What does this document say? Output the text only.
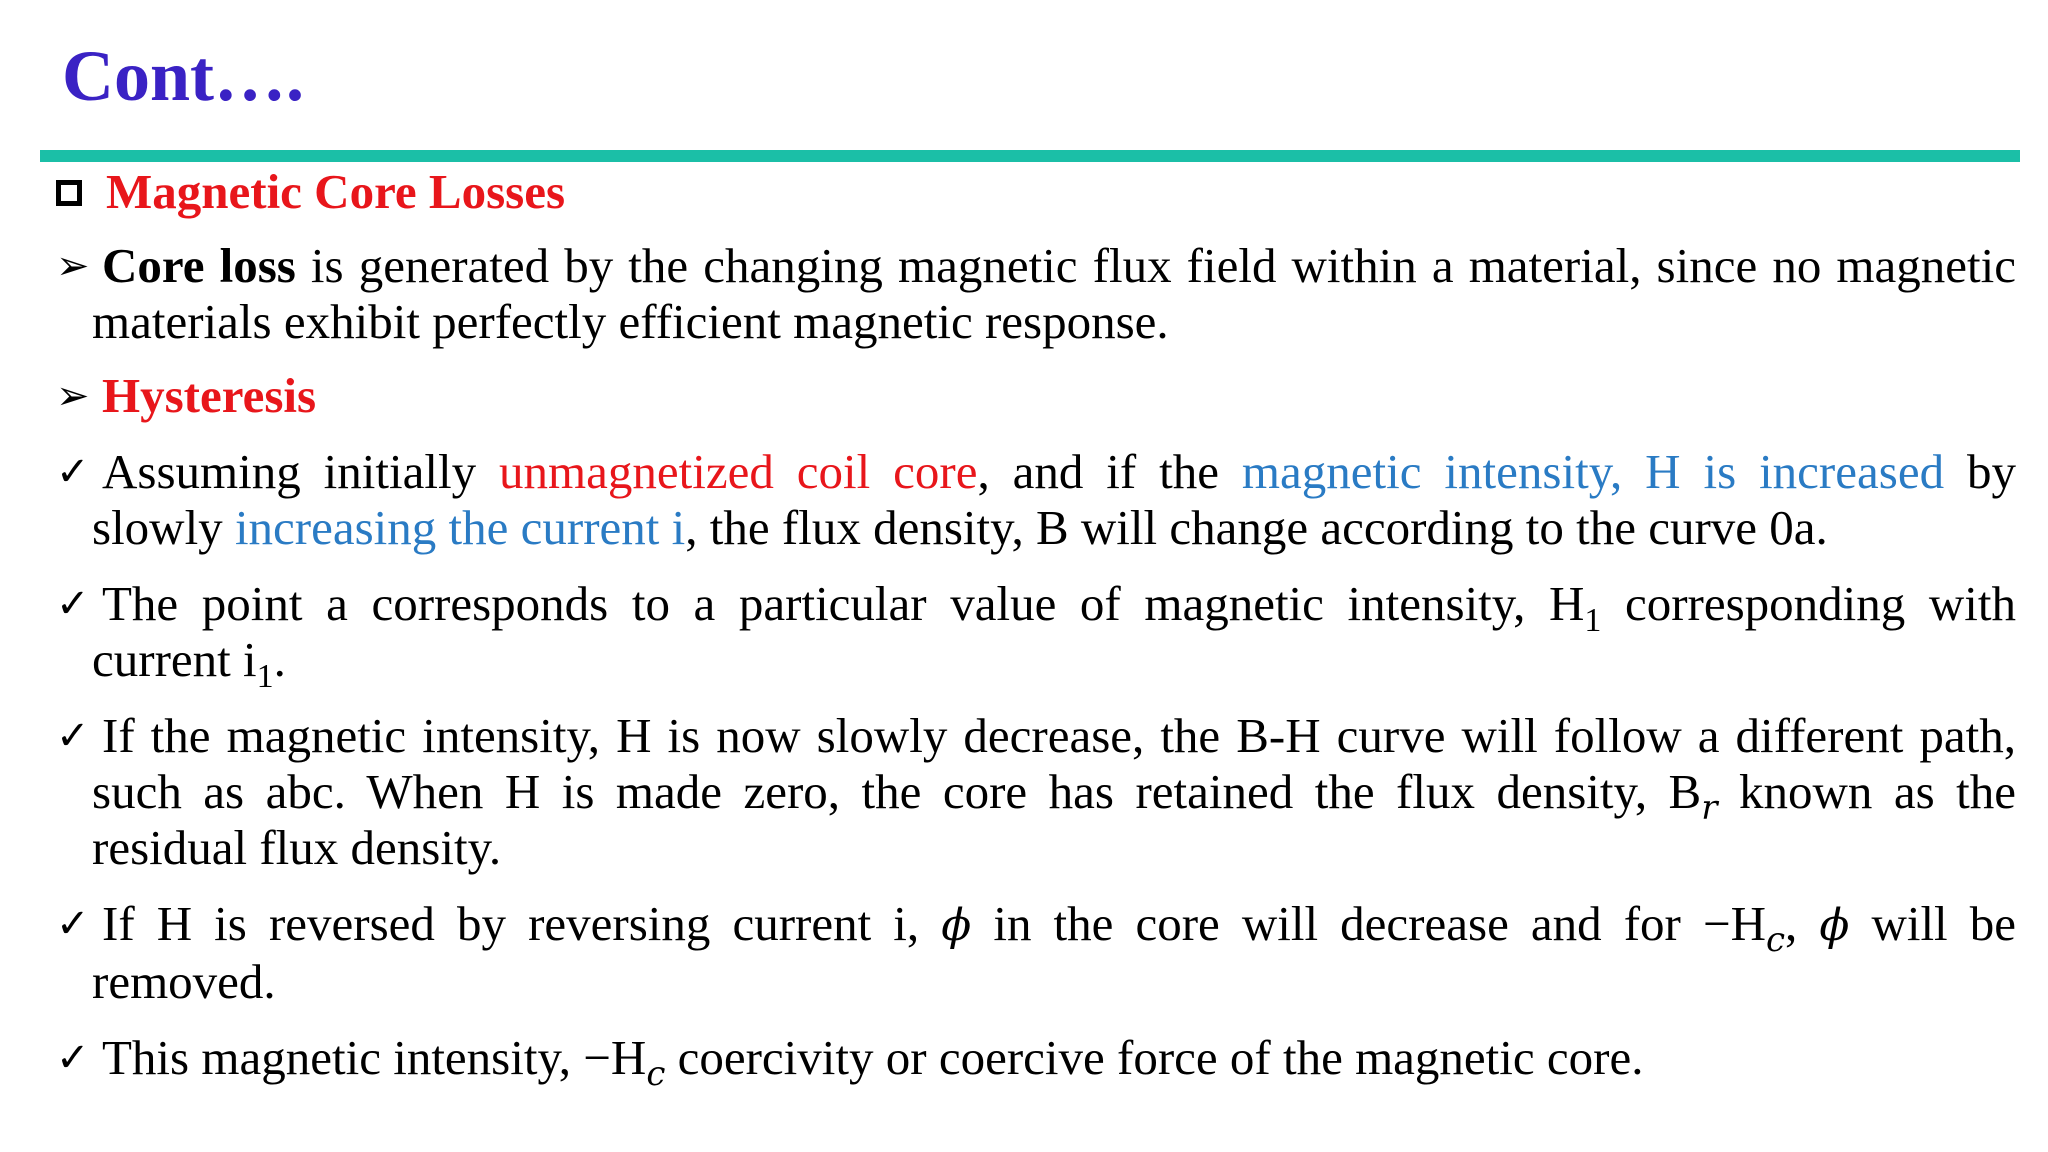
Cont….
Magnetic Core Losses
➢ Core loss is generated by the changing magnetic flux field within a material, since no magnetic materials exhibit perfectly efficient magnetic response.
➢ Hysteresis
✓ Assuming initially unmagnetized coil core, and if the magnetic intensity, H is increased by slowly increasing the current i, the flux density, B will change according to the curve 0a.
✓ The point a corresponds to a particular value of magnetic intensity, $H_1$ corresponding with current $i_1$.
✓ If the magnetic intensity, H is now slowly decrease, the B-H curve will follow a different path, such as abc. When H is made zero, the core has retained the flux density, $B_r$ known as the residual flux density.
✓ If H is reversed by reversing current i, ϕ in the core will decrease and for $-H_c$, ϕ will be removed.
✓ This magnetic intensity, $-H_c$ coercivity or coercive force of the magnetic core.
